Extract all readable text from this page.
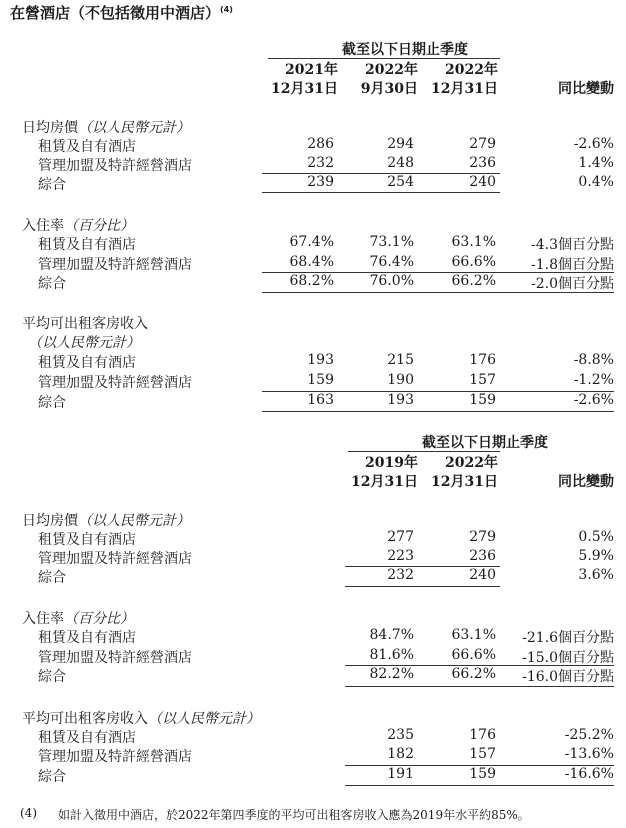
在營酒店（不包括徵用中酒店）$^{(4)}$
截至以下日期止季度
2021年	2022年	2022年
12月31日	9月30日 12月31日	同比變動
日均房價（以人民幣元計）
租賃及自有酒店	286	294	279	-2.6%
管理加盟及特許經營酒店	232	248	236	1.4%
綜合	239	254	240	0.4%
入住率（百分比）
租賃及自有酒店	67.4%	73.1%	63.1%	-4.3個百分點
管理加盟及特許經營酒店	68.4%	76.4%	66.6%	-1.8個百分點
綜合	68.2%	76.0%	66.2%	-2.0個百分點
平均可出租客房收入
（以人民幣元計）
租賃及自有酒店	193	215	176	-8.8%
管理加盟及特許經營酒店	159	190	157	-1.2%
綜合	163	193	159	-2.6%
截至以下日期止季度
2019年	2022年
12月31日 12月31日	同比變動
日均房價（以人民幣元計）
租賃及自有酒店	277	279	0.5%
管理加盟及特許經營酒店	223	236	5.9%
綜合	232	240	3.6%
入住率（百分比）
租賃及自有酒店	84.7%	63.1%	-21.6個百分點
管理加盟及特許經營酒店	81.6%	66.6%	-15.0個百分點
綜合	82.2%	66.2%	-16.0個百分點
平均可出租客房收入（以人民幣元計）
租賃及自有酒店	235	176	-25.2%
管理加盟及特許經營酒店	182	157	-13.6%
綜合	191	159	-16.6%
(4) 如計入徵用中酒店，於2022年第四季度的平均可出租客房收入應為2019年水平約85%。
